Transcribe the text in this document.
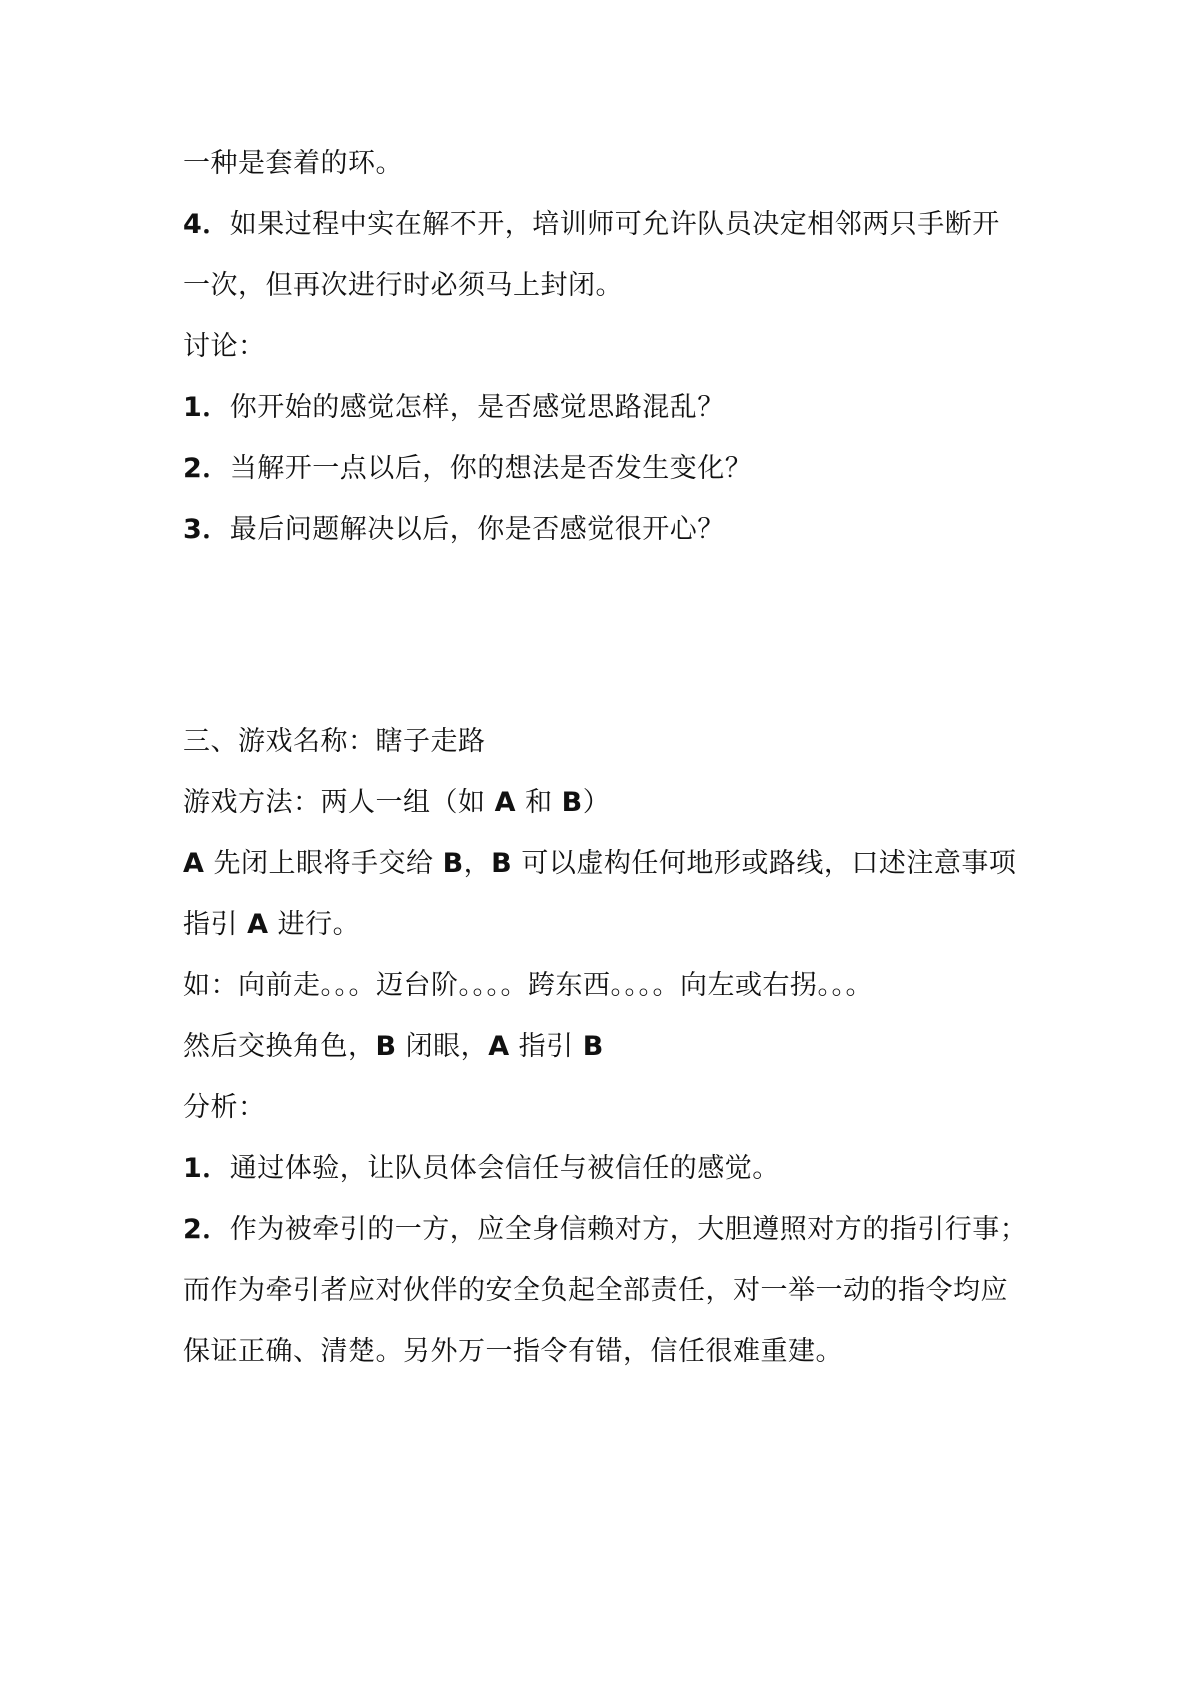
一种是套着的环。
4．如果过程中实在解不开，培训师可允许队员决定相邻两只手断开
一次，但再次进行时必须马上封闭。
讨论：
1．你开始的感觉怎样，是否感觉思路混乱？
2．当解开一点以后，你的想法是否发生变化？
3．最后问题解决以后，你是否感觉很开心？
三、游戏名称：瞎子走路
游戏方法：两人一组（如 A 和 B）
A 先闭上眼将手交给 B，B 可以虚构任何地形或路线，口述注意事项
指引 A 进行。
如：向前走。。。迈台阶。。。。跨东西。。。。向左或右拐。。。
然后交换角色，B 闭眼，A 指引 B
分析：
1．通过体验，让队员体会信任与被信任的感觉。
2．作为被牵引的一方，应全身信赖对方，大胆遵照对方的指引行事；
而作为牵引者应对伙伴的安全负起全部责任，对一举一动的指令均应
保证正确、清楚。另外万一指令有错，信任很难重建。
